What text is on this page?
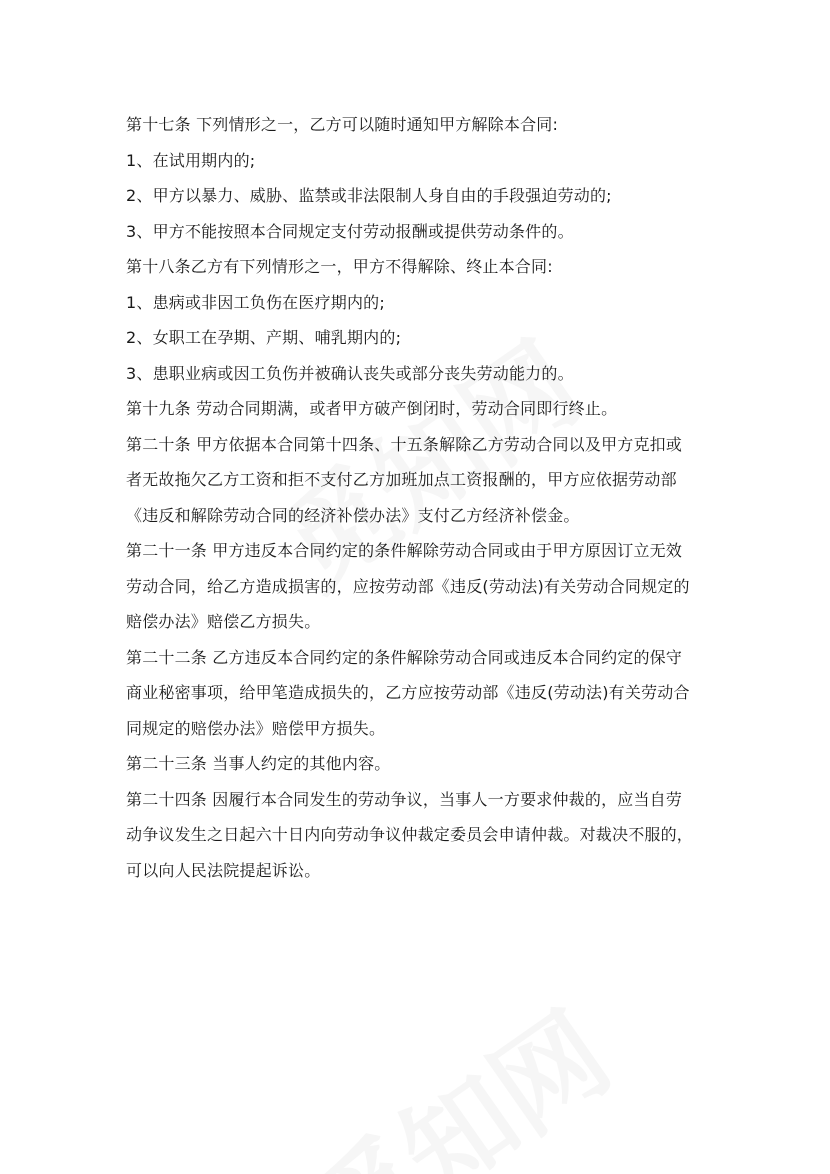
第十七条 下列情形之一，乙方可以随时通知甲方解除本合同:

1、在试用期内的;

2、甲方以暴力、威胁、监禁或非法限制人身自由的手段强迫劳动的;

3、甲方不能按照本合同规定支付劳动报酬或提供劳动条件的。

第十八条乙方有下列情形之一，甲方不得解除、终止本合同:

1、患病或非因工负伤在医疗期内的;

2、女职工在孕期、产期、哺乳期内的;

3、患职业病或因工负伤并被确认丧失或部分丧失劳动能力的。

第十九条 劳动合同期满，或者甲方破产倒闭时，劳动合同即行终止。

第二十条 甲方依据本合同第十四条、十五条解除乙方劳动合同以及甲方克扣或

者无故拖欠乙方工资和拒不支付乙方加班加点工资报酬的，甲方应依据劳动部

《违反和解除劳动合同的经济补偿办法》支付乙方经济补偿金。

第二十一条 甲方违反本合同约定的条件解除劳动合同或由于甲方原因订立无效

劳动合同，给乙方造成损害的，应按劳动部《违反(劳动法)有关劳动合同规定的

赔偿办法》赔偿乙方损失。

第二十二条 乙方违反本合同约定的条件解除劳动合同或违反本合同约定的保守

商业秘密事项，给甲笔造成损失的，乙方应按劳动部《违反(劳动法)有关劳动合

同规定的赔偿办法》赔偿甲方损失。

第二十三条 当事人约定的其他内容。

第二十四条 因履行本合同发生的劳动争议，当事人一方要求仲裁的，应当自劳

动争议发生之日起六十日内向劳动争议仲裁定委员会申请仲裁。对裁决不服的，

可以向人民法院提起诉讼。
